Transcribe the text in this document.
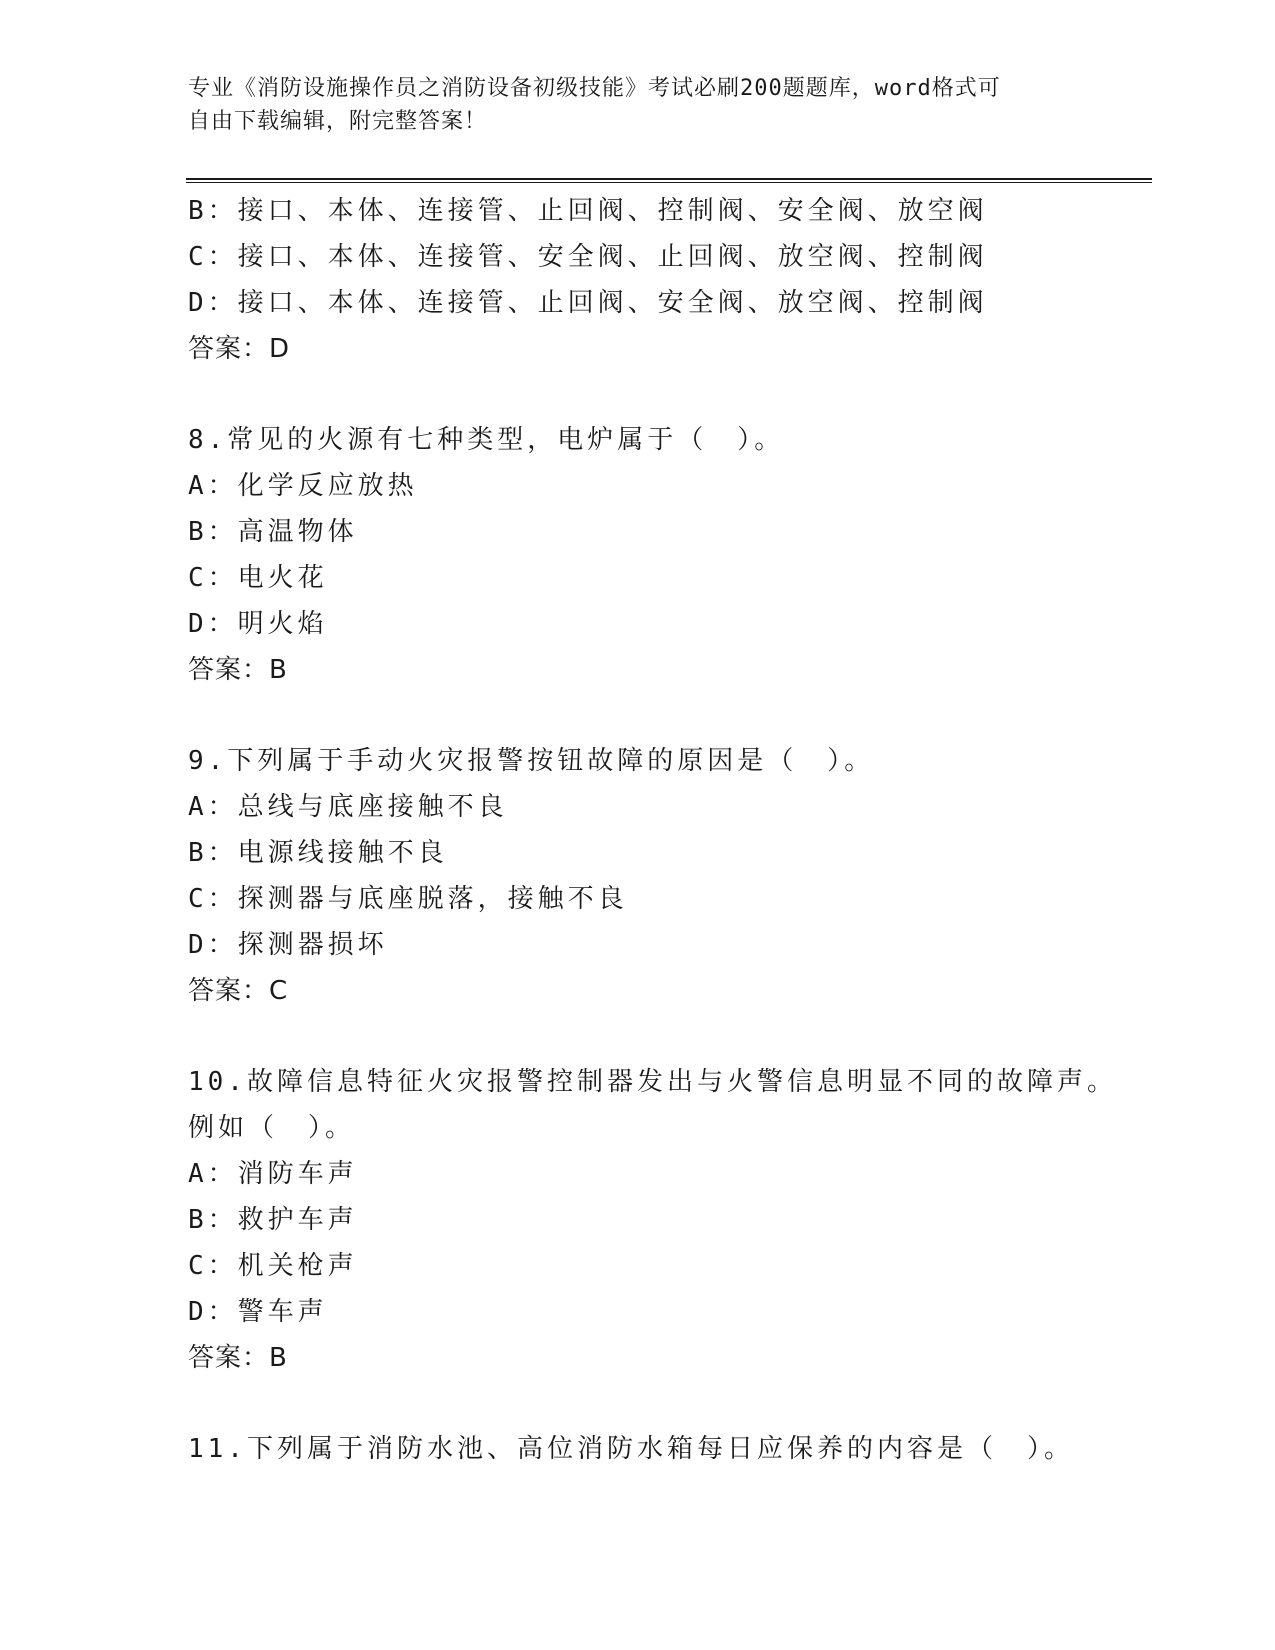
专业《消防设施操作员之消防设备初级技能》考试必刷200题题库，word格式可
自由下载编辑，附完整答案！
B：接口、本体、连接管、止回阀、控制阀、安全阀、放空阀
C：接口、本体、连接管、安全阀、止回阀、放空阀、控制阀
D：接口、本体、连接管、止回阀、安全阀、放空阀、控制阀
答案：D
8.常见的火源有七种类型，电炉属于（　）。
A：化学反应放热
B：高温物体
C：电火花
D：明火焰
答案：B
9.下列属于手动火灾报警按钮故障的原因是（　）。
A：总线与底座接触不良
B：电源线接触不良
C：探测器与底座脱落，接触不良
D：探测器损坏
答案：C
10.故障信息特征火灾报警控制器发出与火警信息明显不同的故障声。
例如（　）。
A：消防车声
B：救护车声
C：机关枪声
D：警车声
答案：B
11.下列属于消防水池、高位消防水箱每日应保养的内容是（　）。
